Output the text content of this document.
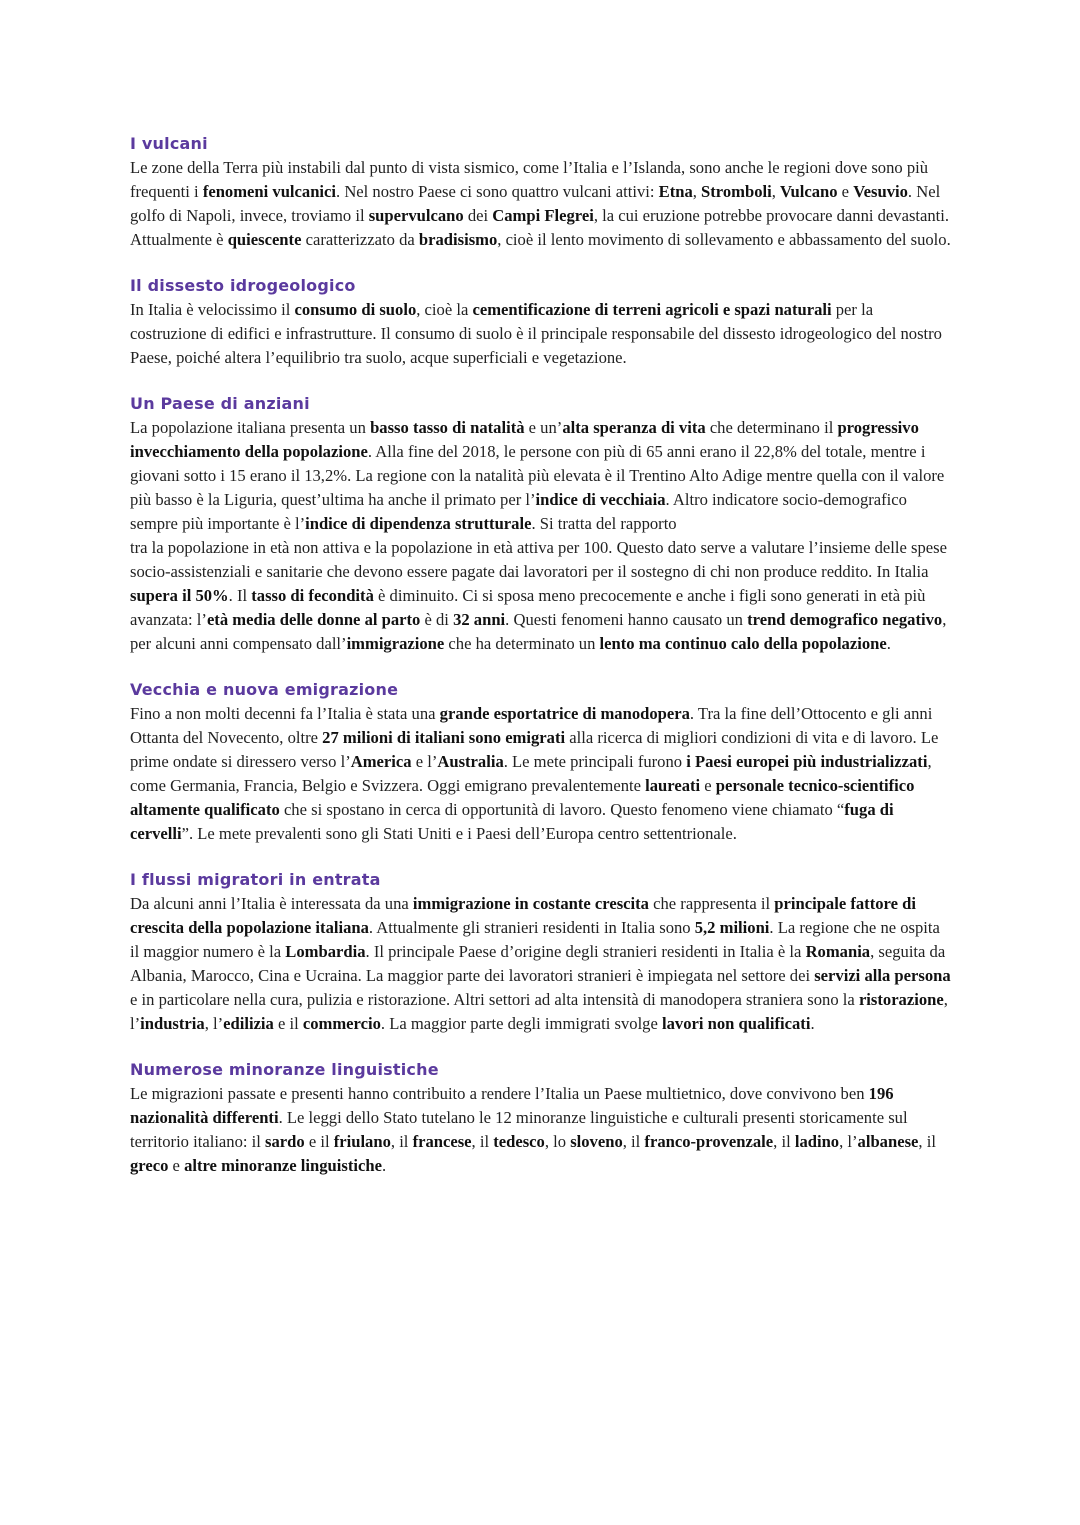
I vulcani

Le zone della Terra più instabili dal punto di vista sismico, come l’Italia e l’Islanda, sono anche le regioni dove sono più frequenti i fenomeni vulcanici. Nel nostro Paese ci sono quattro vulcani attivi: Etna, Stromboli, Vulcano e Vesuvio. Nel golfo di Napoli, invece, troviamo il supervulcano dei Campi Flegrei, la cui eruzione potrebbe provocare danni devastanti. Attualmente è quiescente caratterizzato da bradisismo, cioè il lento movimento di sollevamento e abbassamento del suolo.

Il dissesto idrogeologico

In Italia è velocissimo il consumo di suolo, cioè la cementificazione di terreni agricoli e spazi naturali per la costruzione di edifici e infrastrutture. Il consumo di suolo è il principale responsabile del dissesto idrogeologico del nostro Paese, poiché altera l’equilibrio tra suolo, acque superficiali e vegetazione.

Un Paese di anziani

La popolazione italiana presenta un basso tasso di natalità e un’alta speranza di vita che determinano il progressivo invecchiamento della popolazione. Alla fine del 2018, le persone con più di 65 anni erano il 22,8% del totale, mentre i giovani sotto i 15 erano il 13,2%. La regione con la natalità più elevata è il Trentino Alto Adige mentre quella con il valore più basso è la Liguria, quest’ultima ha anche il primato per l’indice di vecchiaia. Altro indicatore socio-demografico sempre più importante è l’indice di dipendenza strutturale. Si tratta del rapporto
tra la popolazione in età non attiva e la popolazione in età attiva per 100. Questo dato serve a valutare l’insieme delle spese socio-assistenziali e sanitarie che devono essere pagate dai lavoratori per il sostegno di chi non produce reddito. In Italia supera il 50%. Il tasso di fecondità è diminuito. Ci si sposa meno precocemente e anche i figli sono generati in età più avanzata: l’età media delle donne al parto è di 32 anni. Questi fenomeni hanno causato un trend demografico negativo, per alcuni anni compensato dall’immigrazione che ha determinato un lento ma continuo calo della popolazione.

Vecchia e nuova emigrazione

Fino a non molti decenni fa l’Italia è stata una grande esportatrice di manodopera. Tra la fine dell’Ottocento e gli anni Ottanta del Novecento, oltre 27 milioni di italiani sono emigrati alla ricerca di migliori condizioni di vita e di lavoro. Le prime ondate si diressero verso l’America e l’Australia. Le mete principali furono i Paesi europei più industrializzati, come Germania, Francia, Belgio e Svizzera. Oggi emigrano prevalentemente laureati e personale tecnico-scientifico altamente qualificato che si spostano in cerca di opportunità di lavoro. Questo fenomeno viene chiamato “fuga di cervelli”. Le mete prevalenti sono gli Stati Uniti e i Paesi dell’Europa centro settentrionale.

I flussi migratori in entrata

Da alcuni anni l’Italia è interessata da una immigrazione in costante crescita che rappresenta il principale fattore di crescita della popolazione italiana. Attualmente gli stranieri residenti in Italia sono 5,2 milioni. La regione che ne ospita il maggior numero è la Lombardia. Il principale Paese d’origine degli stranieri residenti in Italia è la Romania, seguita da Albania, Marocco, Cina e Ucraina. La maggior parte dei lavoratori stranieri è impiegata nel settore dei servizi alla persona e in particolare nella cura, pulizia e ristorazione. Altri settori ad alta intensità di manodopera straniera sono la ristorazione, l’industria, l’edilizia e il commercio. La maggior parte degli immigrati svolge lavori non qualificati.

Numerose minoranze linguistiche

Le migrazioni passate e presenti hanno contribuito a rendere l’Italia un Paese multietnico, dove convivono ben 196 nazionalità differenti. Le leggi dello Stato tutelano le 12 minoranze linguistiche e culturali presenti storicamente sul territorio italiano: il sardo e il friulano, il francese, il tedesco, lo sloveno, il franco-provenzale, il ladino, l’albanese, il greco e altre minoranze linguistiche.
